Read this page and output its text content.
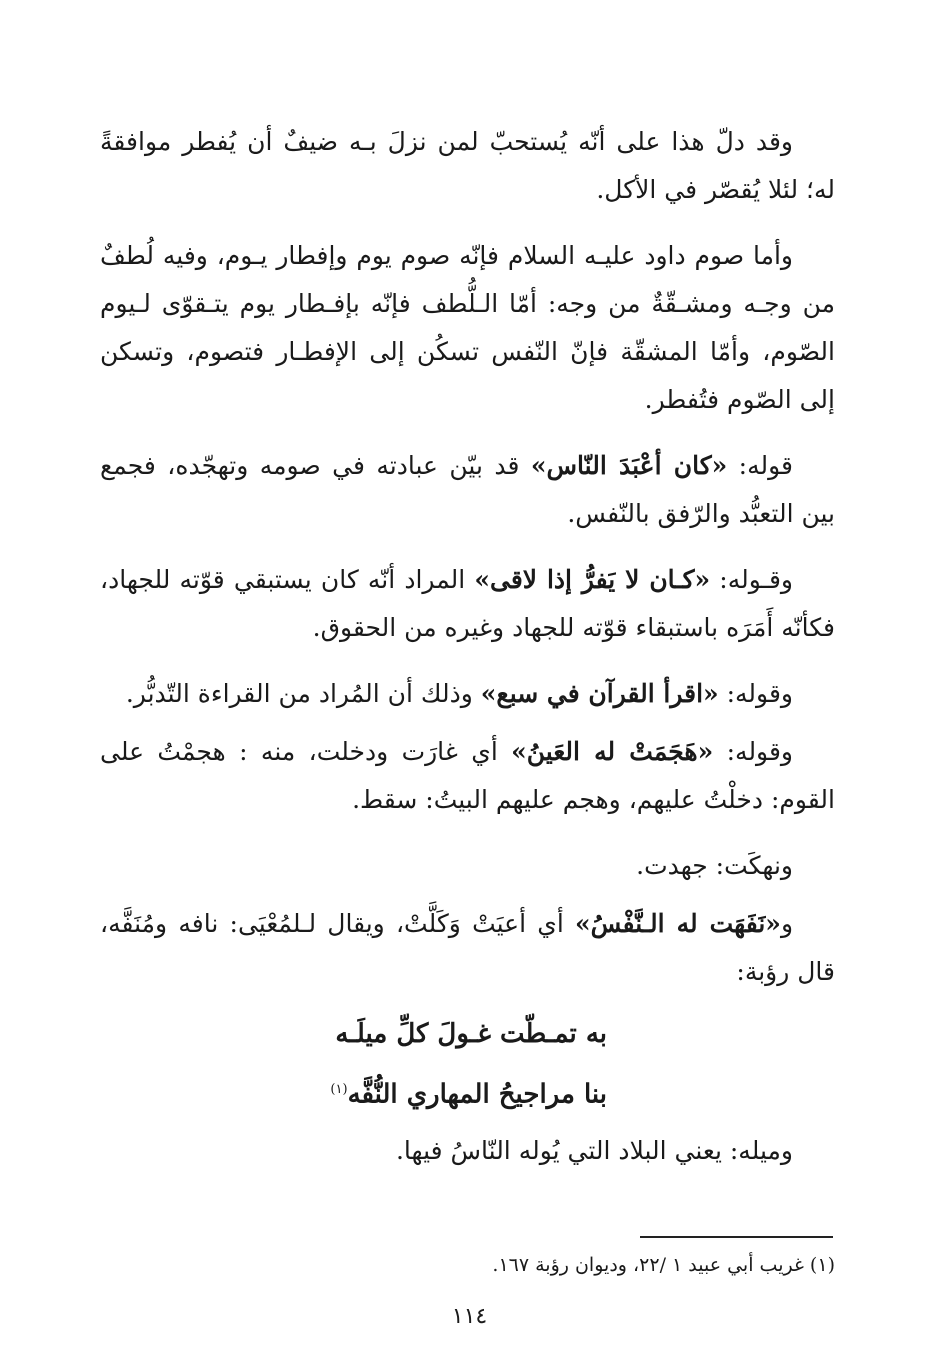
وقد دلّ هذا على أنّه يُستحبّ لمن نزلَ بـه ضيفٌ أن يُفطر موافقةً له؛ لئلا يُقصّر في الأكل.

وأما صوم داود عليـه السلام فإنّه صوم يوم وإفطار يـوم، وفيه لُطفٌ من وجـه ومشـقّةٌ من وجه: أمّا الـلُّطف فإنّه بإفـطار يوم يتـقوّى لـيوم الصّوم، وأمّا المشقّة فإنّ النّفس تسكُن إلى الإفطـار فتصوم، وتسكن إلى الصّوم فتُفطر.

قوله: «كان أعْبَدَ النّاس» قد بيّن عبادته في صومه وتهجّده، فجمع بين التعبُّد والرّفق بالنّفس.

وقـوله: «كـان لا يَفرُّ إذا لاقى» المراد أنّه كان يستبقي قوّته للجهاد، فكأنّه أَمَرَه باستبقاء قوّته للجهاد وغيره من الحقوق.

وقوله: «اقرأ القرآن في سبع» وذلك أن المُراد من القراءة التّدبُّر.

وقوله: «هَجَمَتْ له العَينُ» أي غارَت ودخلت، منه : هجمْتُ على القوم: دخلْتُ عليهم، وهجم عليهم البيتُ: سقط.

ونهكَت: جهدت.

و«نَفَهَت له الـنَّفْسُ» أي أعيَتْ وَكَلَّتْ، ويقال لـلمُعْيَى: نافه ومُنَفَّه، قال رؤبة:

به تمـطّت غـولَ كلِّ ميلَـه
بنا مراجيحُ المهاري النُّفَّه$^{(١)}$

وميله: يعني البلاد التي يُوله النّاسُ فيها.

(١) غريب أبي عبيد ١ /٢٢، وديوان رؤبة ١٦٧.
١١٤
